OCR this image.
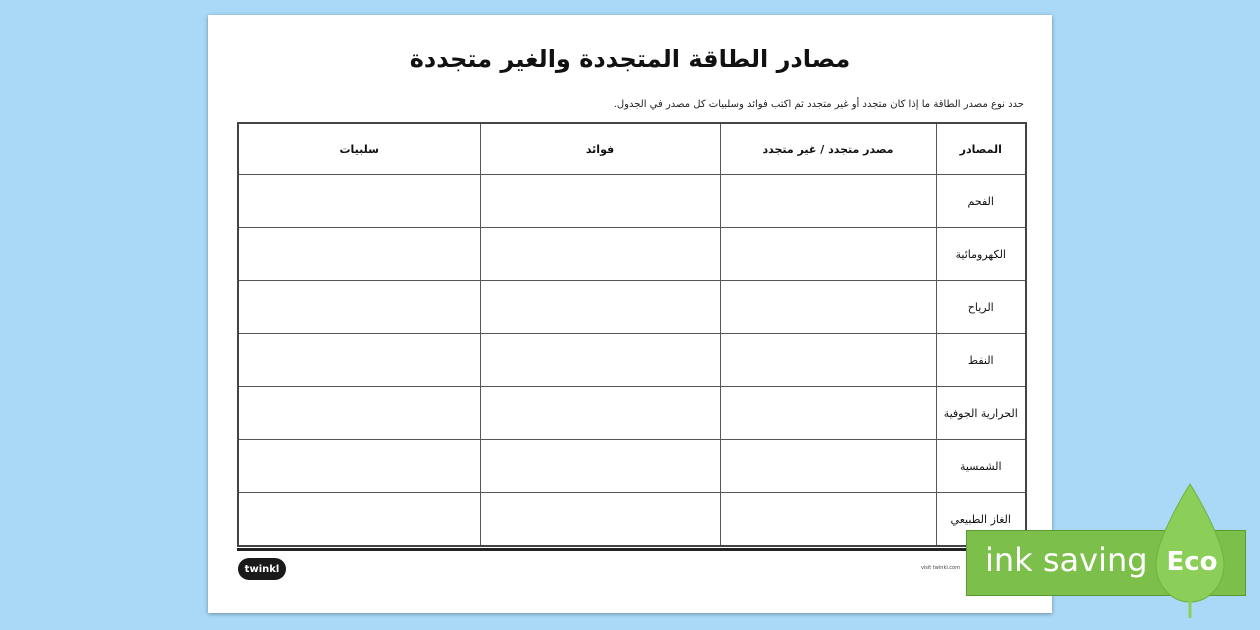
مصادر الطاقة المتجددة والغير متجددة
حدد نوع مصدر الطاقة ما إذا كان متجدد أو غير متجدد ثم اكتب فوائد وسلبيات كل مصدر في الجدول.
المصادر	مصدر متجدد / غير متجدد	فوائد	سلبيات
الفحم			
الكهرومائية			
الرياح			
النفط			
الحرارية الجوفية			
الشمسية			
الغاز الطبيعي			
twinkl	visit twinkl.com ink saving Eco
